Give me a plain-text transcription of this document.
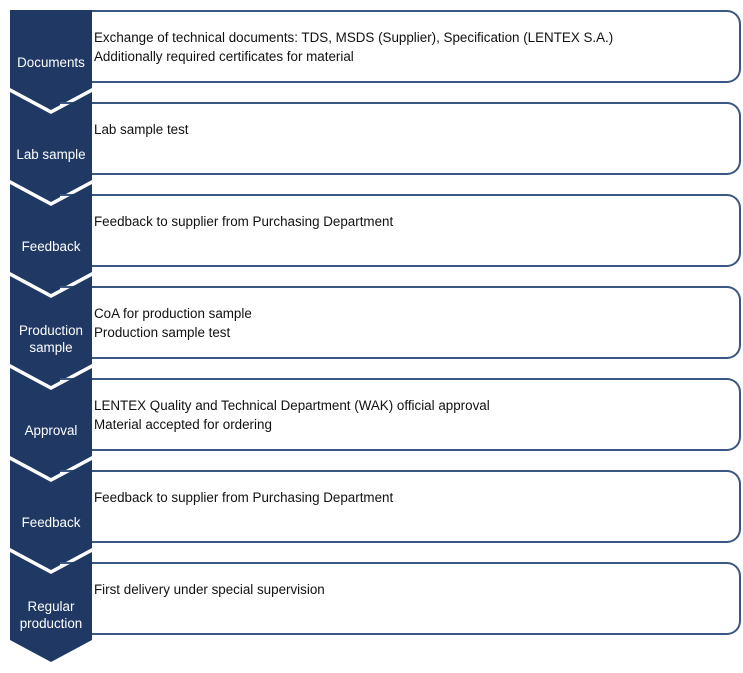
• Exchange of technical documents: TDS, MSDS (Supplier), Specification (LENTEX S.A.)
• Additionally required certificates for material
Documents
• Lab sample test
Lab sample
• Feedback to supplier from Purchasing Department
Feedback
• CoA for production sample
• Production sample test
Production sample
• LENTEX Quality and Technical Department (WAK) official approval
• Material accepted for ordering
Approval
• Feedback to supplier from Purchasing Department
Feedback
• First delivery under special supervision
Regular production
